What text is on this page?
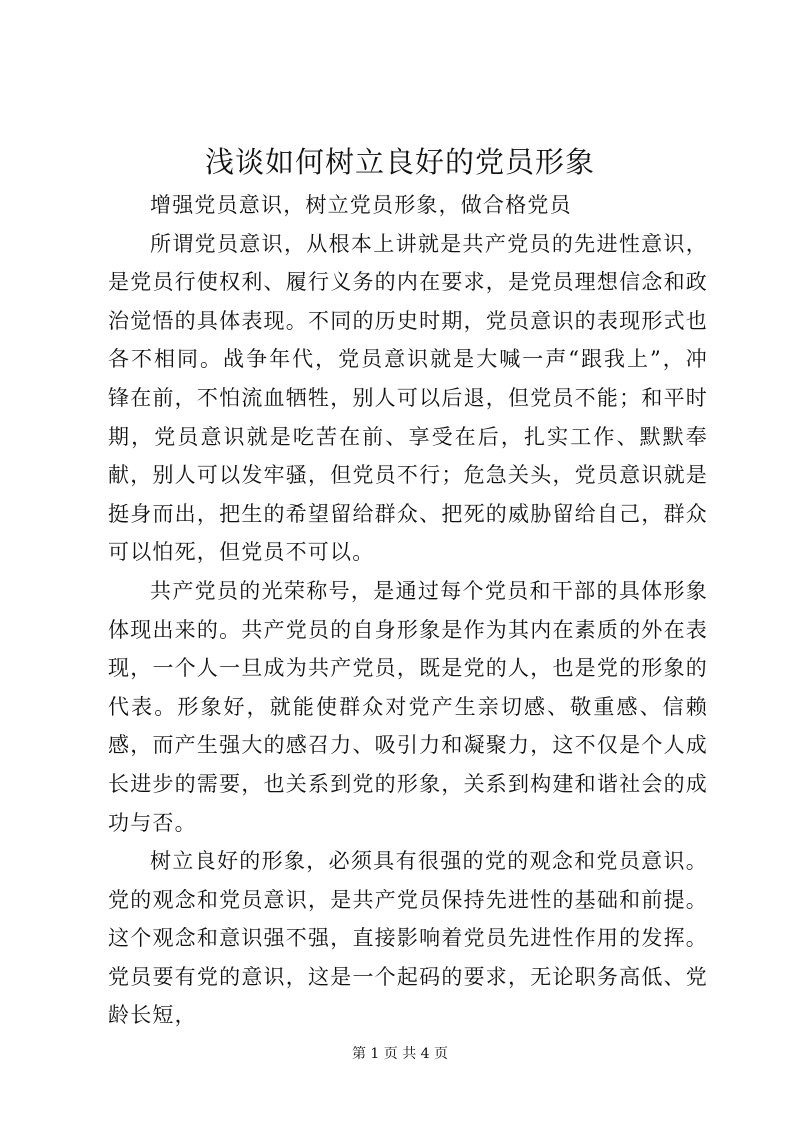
浅谈如何树立良好的党员形象

增强党员意识，树立党员形象，做合格党员

所谓党员意识，从根本上讲就是共产党员的先进性意识，是党员行使权利、履行义务的内在要求，是党员理想信念和政治觉悟的具体表现。不同的历史时期，党员意识的表现形式也各不相同。战争年代，党员意识就是大喊一声“跟我上”，冲锋在前，不怕流血牺牲，别人可以后退，但党员不能；和平时期，党员意识就是吃苦在前、享受在后，扎实工作、默默奉献，别人可以发牢骚，但党员不行；危急关头，党员意识就是挺身而出，把生的希望留给群众、把死的威胁留给自己，群众可以怕死，但党员不可以。

共产党员的光荣称号，是通过每个党员和干部的具体形象体现出来的。共产党员的自身形象是作为其内在素质的外在表现，一个人一旦成为共产党员，既是党的人，也是党的形象的代表。形象好，就能使群众对党产生亲切感、敬重感、信赖感，而产生强大的感召力、吸引力和凝聚力，这不仅是个人成长进步的需要，也关系到党的形象，关系到构建和谐社会的成功与否。

树立良好的形象，必须具有很强的党的观念和党员意识。党的观念和党员意识，是共产党员保持先进性的基础和前提。这个观念和意识强不强，直接影响着党员先进性作用的发挥。党员要有党的意识，这是一个起码的要求，无论职务高低、党龄长短，

第 1 页 共 4 页
